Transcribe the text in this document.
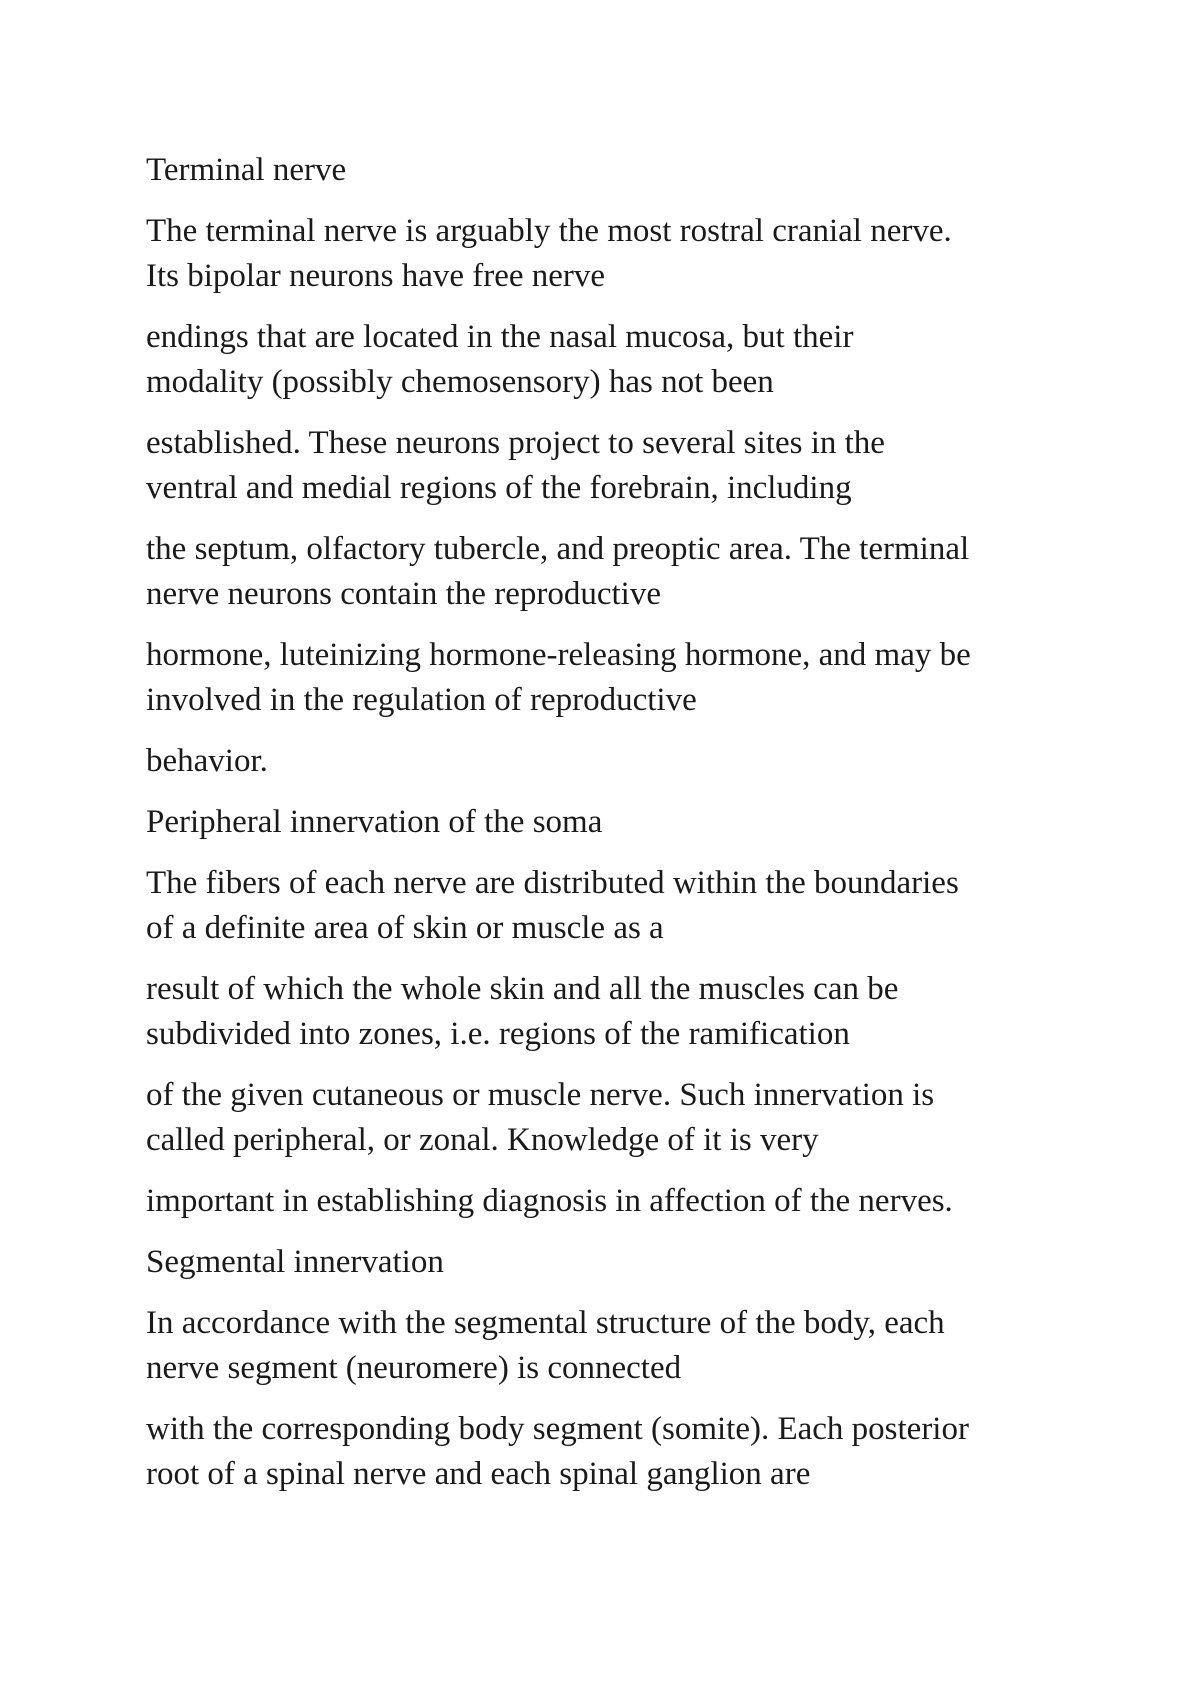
Terminal nerve

The terminal nerve is arguably the most rostral cranial nerve.
Its bipolar neurons have free nerve

endings that are located in the nasal mucosa, but their
modality (possibly chemosensory) has not been

established. These neurons project to several sites in the
ventral and medial regions of the forebrain, including

the septum, olfactory tubercle, and preoptic area. The terminal
nerve neurons contain the reproductive

hormone, luteinizing hormone-releasing hormone, and may be
involved in the regulation of reproductive

behavior.

Peripheral innervation of the soma

The fibers of each nerve are distributed within the boundaries
of a definite area of skin or muscle as a

result of which the whole skin and all the muscles can be
subdivided into zones, i.e. regions of the ramification

of the given cutaneous or muscle nerve. Such innervation is
called peripheral, or zonal. Knowledge of it is very

important in establishing diagnosis in affection of the nerves.

Segmental innervation

In accordance with the segmental structure of the body, each
nerve segment (neuromere) is connected

with the corresponding body segment (somite). Each posterior
root of a spinal nerve and each spinal ganglion are
